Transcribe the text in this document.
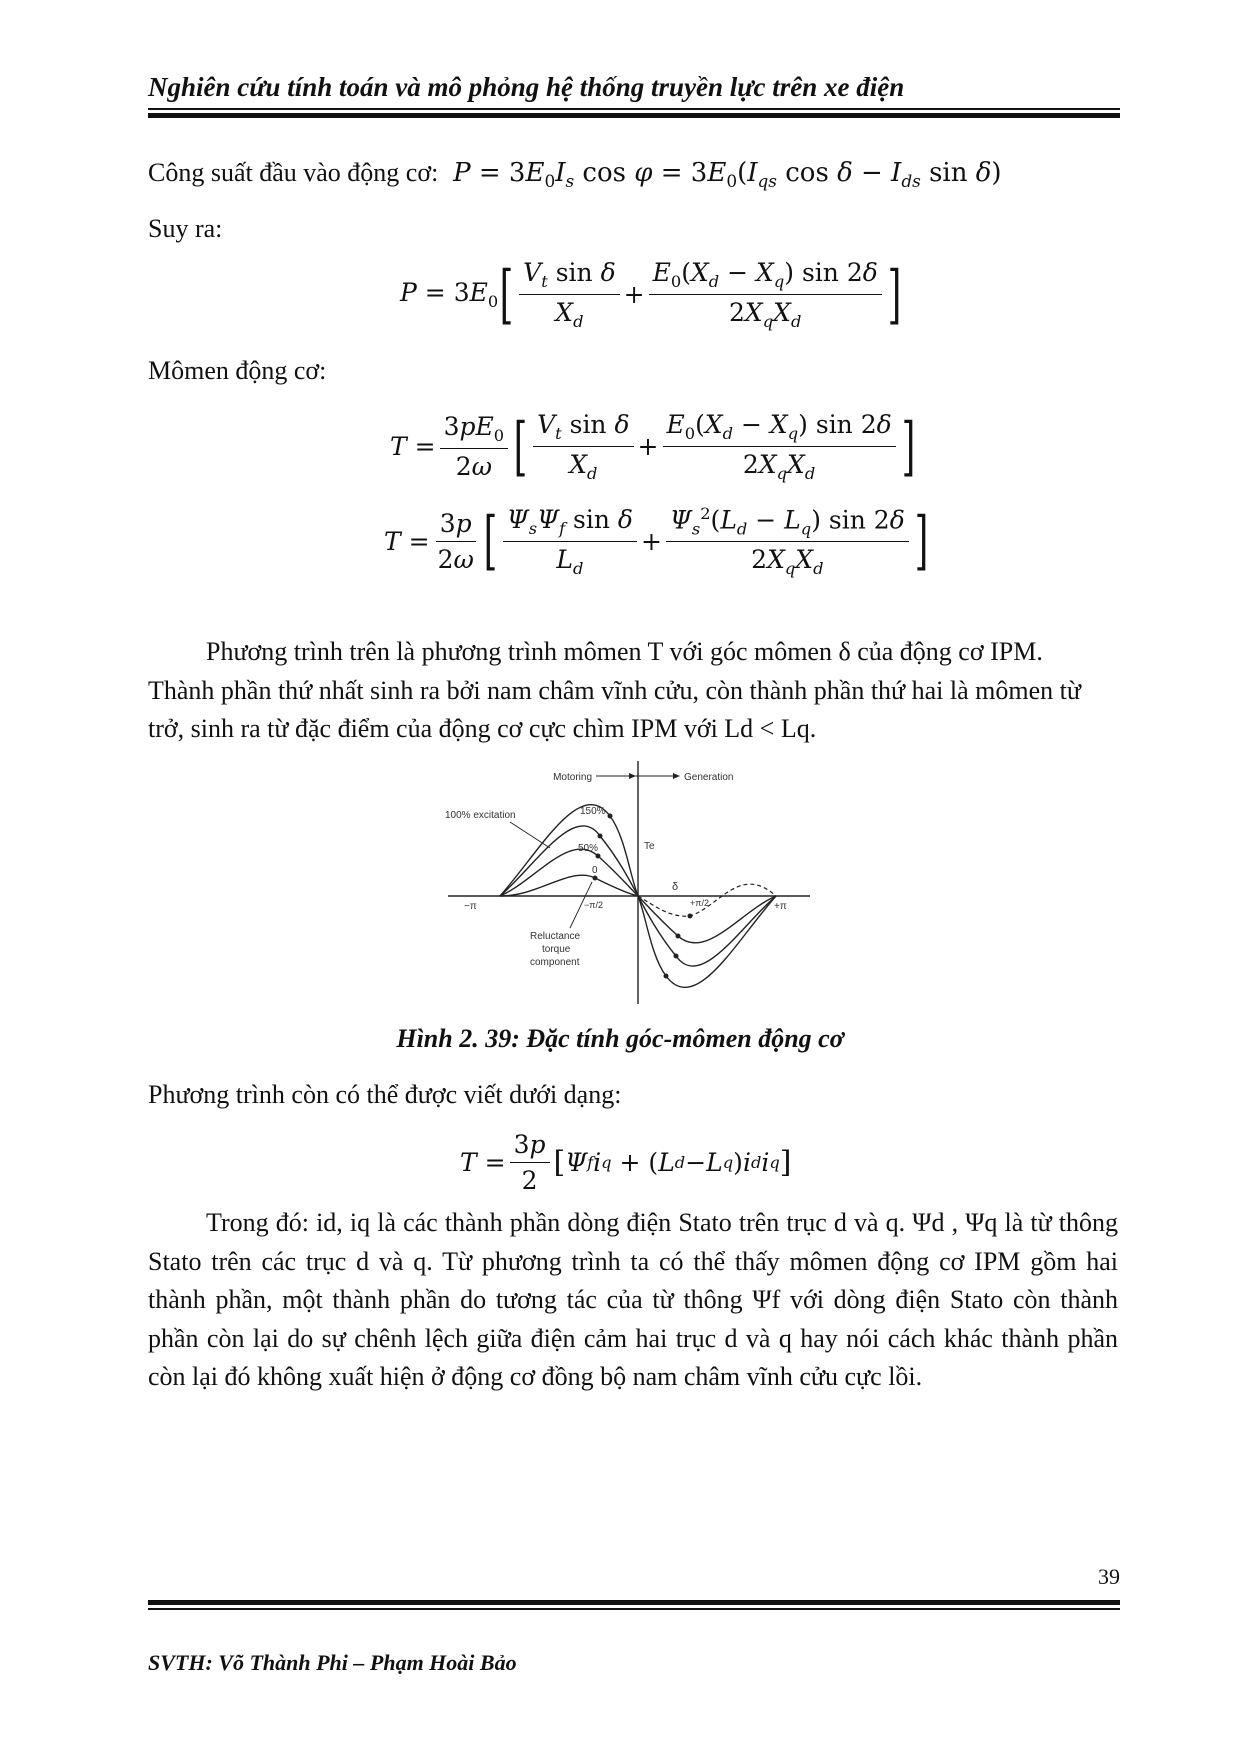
Nghiên cứu tính toán và mô phỏng hệ thống truyền lực trên xe điện
Công suất đầu vào động cơ:  $P = 3E_0I_s$ $\cos \varphi = 3E_0(I_{qs}$ $\cos \delta - I_{ds}$ sin δ)
Suy ra:
$P = 3E_0$ [ $\frac{V_t \sin \delta}{X_d} + \frac{E_0(X_d - X_q) \sin 2\delta}{2X_qX_d}$ ]
Mômen động cơ:
$T = \frac{3pE_0}{2\omega}$ [ $\frac{V_t \sin \delta}{X_d} + \frac{E_0(X_d - X_q) \sin 2\delta}{2X_qX_d}$ ]
$T = \frac{3p}{2\omega}$ [ $\frac{\Psi_s\Psi_f \sin \delta}{L_d} + \frac{\Psi_s^2(L_d - L_q) \sin 2\delta}{2X_qX_d}$ ]

Phương trình trên là phương trình mômen T với góc mômen δ của động cơ IPM.

Thành phần thứ nhất sinh ra bởi nam châm vĩnh cửu, còn thành phần thứ hai là mômen từ

trở, sinh ra từ đặc điểm của động cơ cực chìm IPM với Ld < Lq.

Motoring	Generation
100% excitation	150%
50%
0
Te
δ
−π	−π/2	+π/2	+π
Reluctance
torque
component
Hình 2. 39: Đặc tính góc-mômen động cơ
Phương trình còn có thể được viết dưới dạng:
$T = \frac{3p}{2}$ [ Ψ f i q + ( L d − L q ) i d i q ]

Trong đó: id, iq là các thành phần dòng điện Stato trên trục d và q. Ψd , Ψq là từ thông Stato trên các trục d và q. Từ phương trình ta có thể thấy mômen động cơ IPM gồm hai thành phần, một thành phần do tương tác của từ thông Ψf với dòng điện Stato còn thành phần còn lại do sự chênh lệch giữa điện cảm hai trục d và q hay nói cách khác thành phần còn lại đó không xuất hiện ở động cơ đồng bộ nam châm vĩnh cửu cực lồi.

39
SVTH: Võ Thành Phi – Phạm Hoài Bảo
